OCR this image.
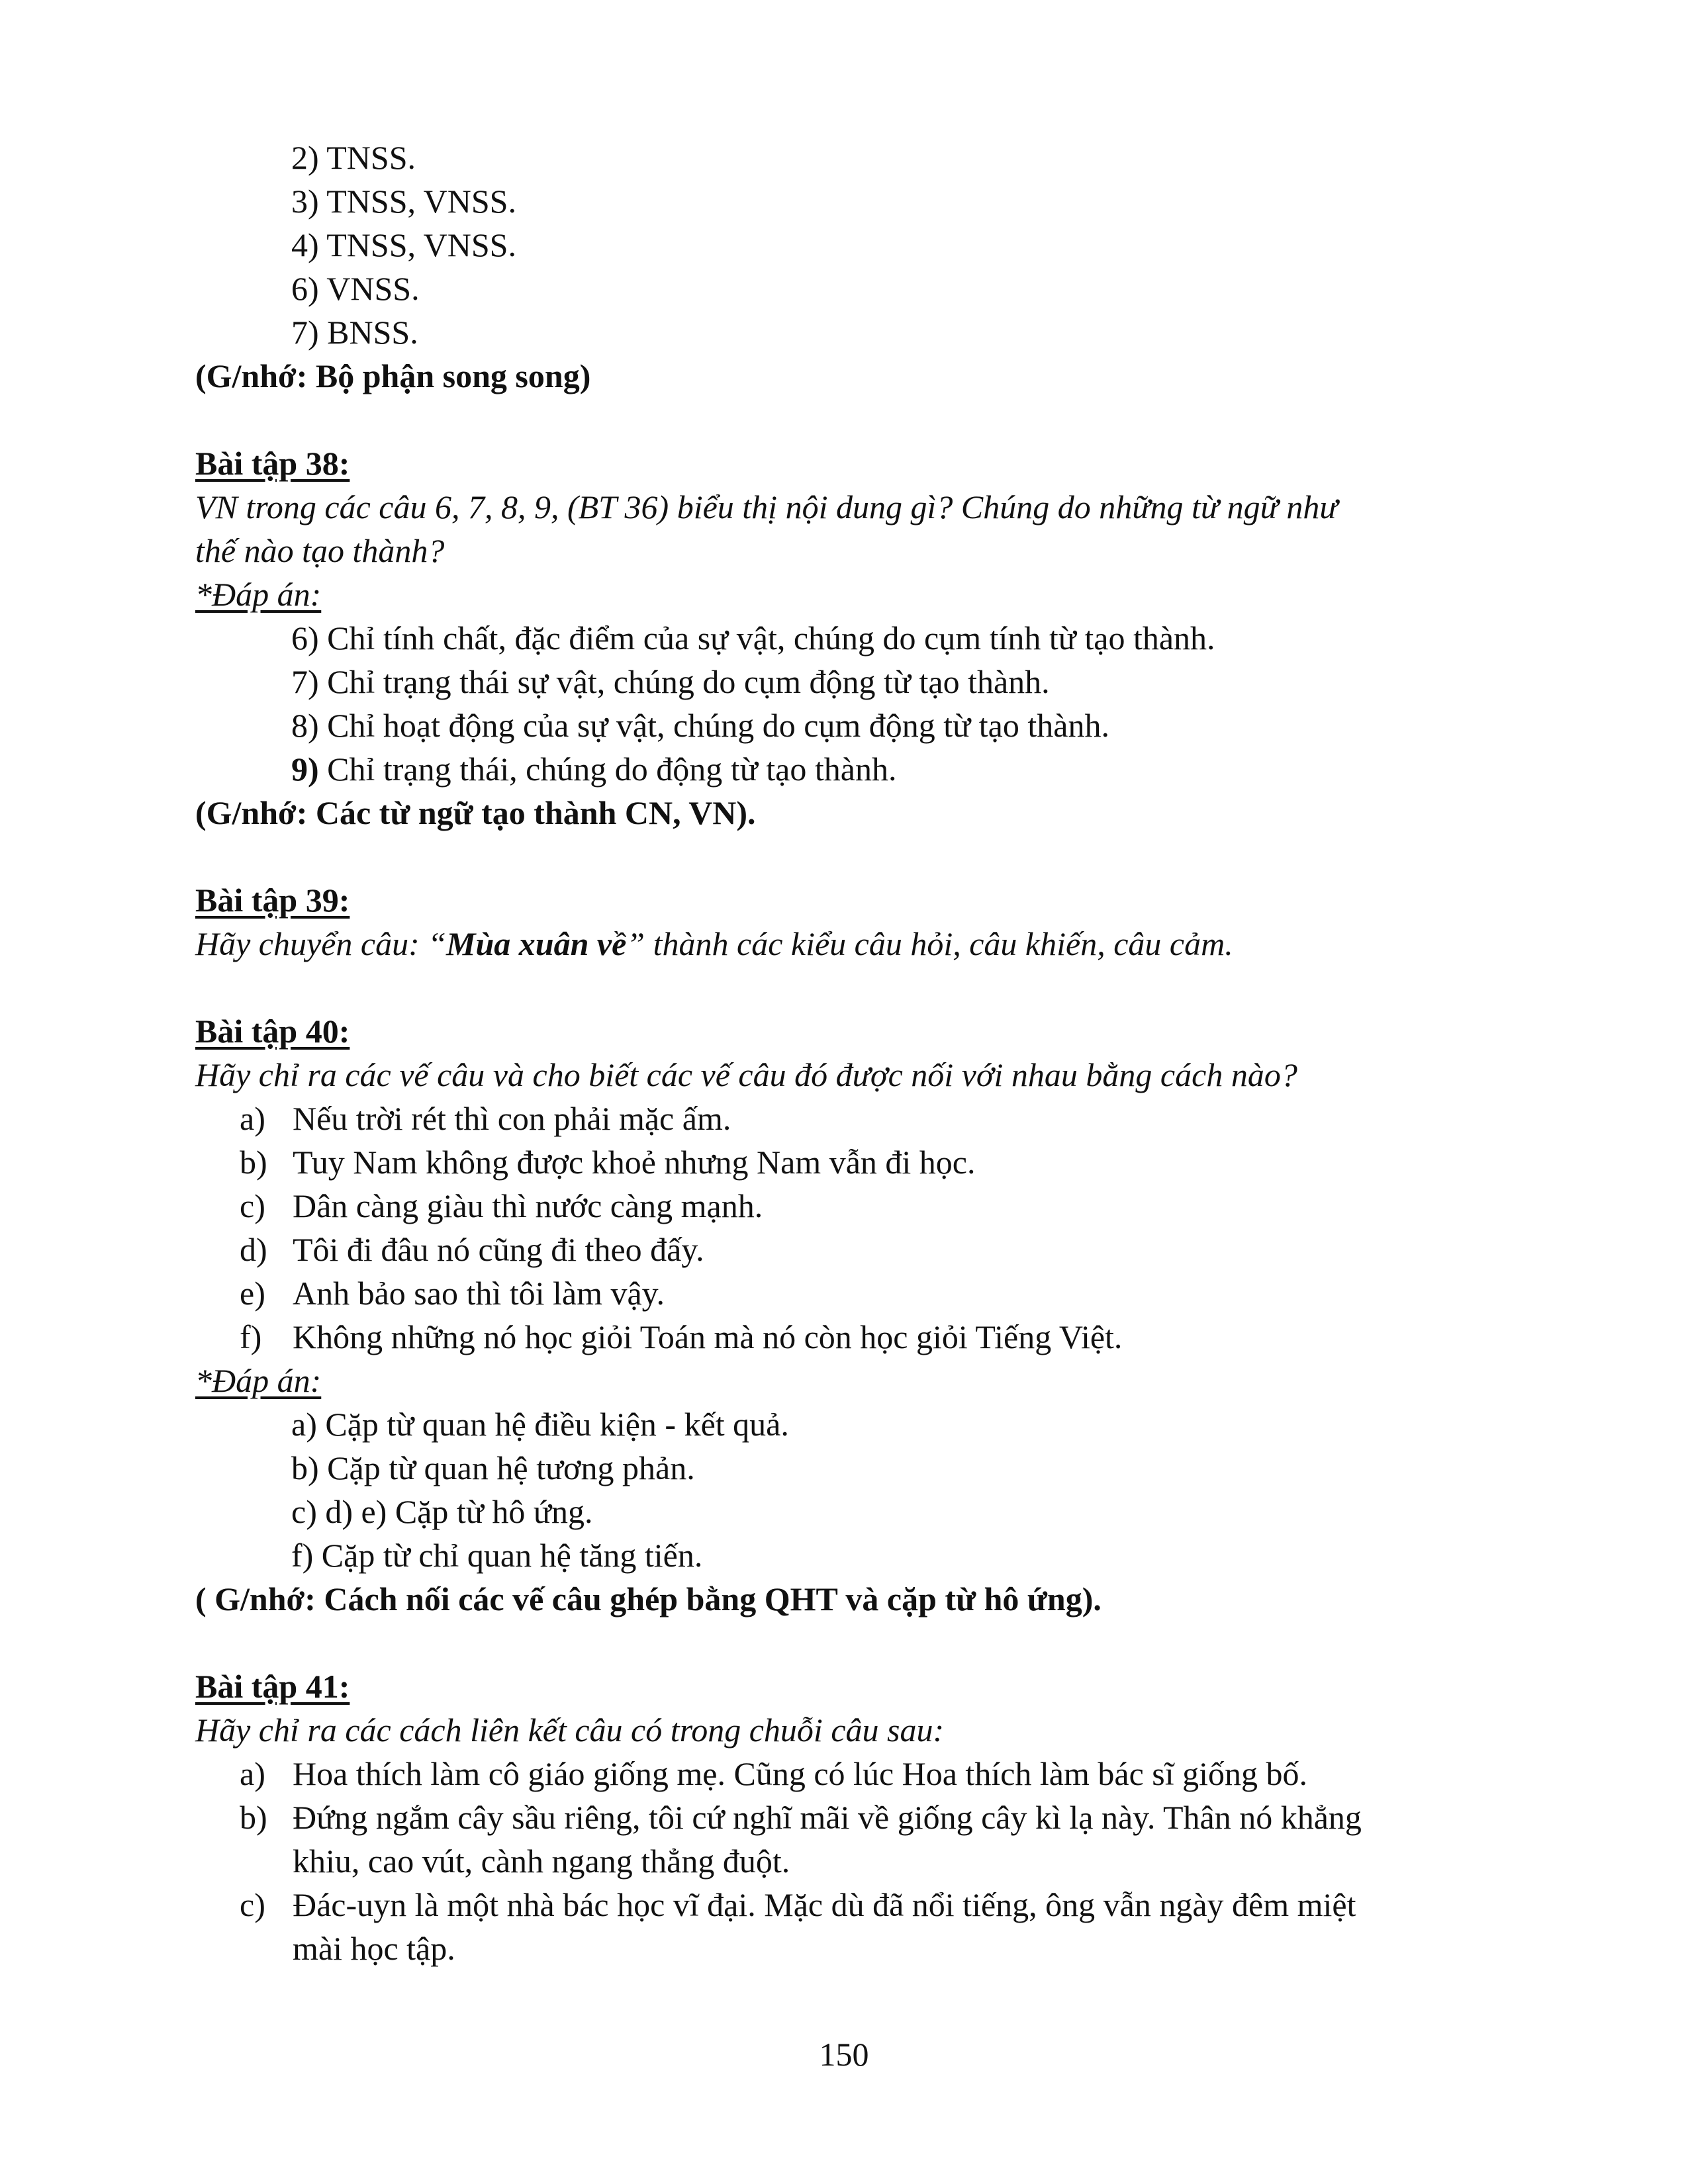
2) TNSS.
3) TNSS, VNSS.
4) TNSS, VNSS.
6) VNSS.
7) BNSS.
(G/nhớ: Bộ phận song song)
Bài tập 38:
VN trong các câu 6, 7, 8, 9, (BT 36) biểu thị nội dung gì? Chúng do những từ ngữ như
thế nào tạo thành?
*Đáp án:
6) Chỉ tính chất, đặc điểm của sự vật, chúng do cụm tính từ tạo thành.
7) Chỉ trạng thái sự vật, chúng do cụm động từ tạo thành.
8) Chỉ hoạt động của sự vật, chúng do cụm động từ tạo thành.
9) Chỉ trạng thái, chúng do động từ tạo thành.
(G/nhớ: Các từ ngữ tạo thành CN, VN).
Bài tập 39:
Hãy chuyển câu: “Mùa xuân về” thành các kiểu câu hỏi, câu khiến, câu cảm.
Bài tập 40:
Hãy chỉ ra các vế câu và cho biết các vế câu đó được nối với nhau bằng cách nào?
a) Nếu trời rét thì con phải mặc ấm.
b) Tuy Nam không được khoẻ nhưng Nam vẫn đi học.
c) Dân càng giàu thì nước càng mạnh.
d) Tôi đi đâu nó cũng đi theo đấy.
e) Anh bảo sao thì tôi làm vậy.
f) Không những nó học giỏi Toán mà nó còn học giỏi Tiếng Việt.
*Đáp án:
a) Cặp từ quan hệ điều kiện - kết quả.
b) Cặp từ quan hệ tương phản.
c) d) e) Cặp từ hô ứng.
f) Cặp từ chỉ quan hệ tăng tiến.
( G/nhớ: Cách nối các vế câu ghép bằng QHT và cặp từ hô ứng).
Bài tập 41:
Hãy chỉ ra các cách liên kết câu có trong chuỗi câu sau:
a) Hoa thích làm cô giáo giống mẹ. Cũng có lúc Hoa thích làm bác sĩ giống bố.
b) Đứng ngắm cây sầu riêng, tôi cứ nghĩ mãi về giống cây kì lạ này. Thân nó khẳng
khiu, cao vút, cành ngang thẳng đuột.
c) Đác-uyn là một nhà bác học vĩ đại. Mặc dù đã nổi tiếng, ông vẫn ngày đêm miệt
mài học tập.
150
